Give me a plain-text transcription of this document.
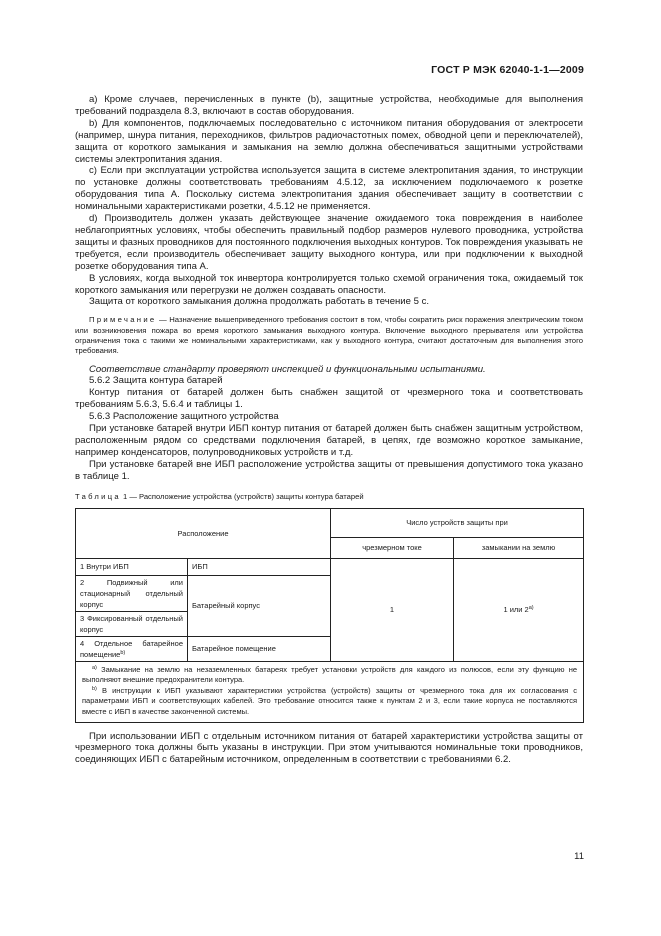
ГОСТ Р МЭК 62040-1-1—2009

а) Кроме случаев, перечисленных в пункте (b), защитные устройства, необходимые для выполнения требований подраздела 8.3, включают в состав оборудования.

b) Для компонентов, подключаемых последовательно с источником питания оборудования от электросети (например, шнура питания, переходников, фильтров радиочастотных помех, обводной цепи и переключателей), защита от короткого замыкания и замыкания на землю должна обеспечиваться защитными устройствами системы электропитания здания.

c) Если при эксплуатации устройства используется защита в системе электропитания здания, то инструкции по установке должны соответствовать требованиям 4.5.12, за исключением подключаемого к розетке оборудования типа А. Поскольку система электропитания здания обеспечивает защиту в соответствии с номинальными характеристиками розетки, 4.5.12 не применяется.

d) Производитель должен указать действующее значение ожидаемого тока повреждения в наиболее неблагоприятных условиях, чтобы обеспечить правильный подбор размеров нулевого проводника, устройства защиты и фазных проводников для постоянного подключения выходных контуров. Ток повреждения указывать не требуется, если производитель обеспечивает защиту выходного контура, или при подключении к выходной розетке оборудования типа А.

В условиях, когда выходной ток инвертора контролируется только схемой ограничения тока, ожидаемый ток короткого замыкания или перегрузки не должен создавать опасности.

Защита от короткого замыкания должна продолжать работать в течение 5 с.

Примечание — Назначение вышеприведенного требования состоит в том, чтобы сократить риск поражения электрическим током или возникновения пожара во время короткого замыкания выходного контура. Включение выходного прерывателя или устройства ограничения тока с такими же номинальными характеристиками, как у выходного контура, считают достаточным для выполнения этого требования.

Соответствие стандарту проверяют инспекцией и функциональными испытаниями.

5.6.2 Защита контура батарей

Контур питания от батарей должен быть снабжен защитой от чрезмерного тока и соответствовать требованиям 5.6.3, 5.6.4 и таблицы 1.

5.6.3 Расположение защитного устройства

При установке батарей внутри ИБП контур питания от батарей должен быть снабжен защитным устройством, расположенным рядом со средствами подключения батарей, в цепях, где возможно короткое замыкание, например конденсаторов, полупроводниковых устройств и т.д.

При установке батарей вне ИБП расположение устройства защиты от превышения допустимого тока указано в таблице 1.

Таблица 1 — Расположение устройства (устройств) защиты контура батарей
Расположение		Число устройств защиты при	
		чрезмерном токе	замыкании на землю
1 Внутри ИБП	ИБП	1	1 или 2$^{a)}$
2 Подвижный или стационарный отдельный корпус	Батарейный корпус		
3 Фиксированный отдельный корпус			
4 Отдельное батарейное помещение$^{b)}$	Батарейное помещение		

$^{a)}$ Замыкание на землю на незаземленных батареях требует установки устройств для каждого из полюсов, если эту функцию не выполняют внешние предохранители контура.
$^{b)}$ В инструкции к ИБП указывают характеристики устройства (устройств) защиты от чрезмерного тока для их согласования с параметрами ИБП и соответствующих кабелей. Это требование относится также к пунктам 2 и 3, если такие корпуса не поставляются вместе с ИБП в качестве законченной системы.			

При использовании ИБП с отдельным источником питания от батарей характеристики устройства защиты от чрезмерного тока должны быть указаны в инструкции. При этом учитываются номинальные токи проводников, соединяющих ИБП с батарейным источником, определенным в соответствии с требованиями 6.2.

11
